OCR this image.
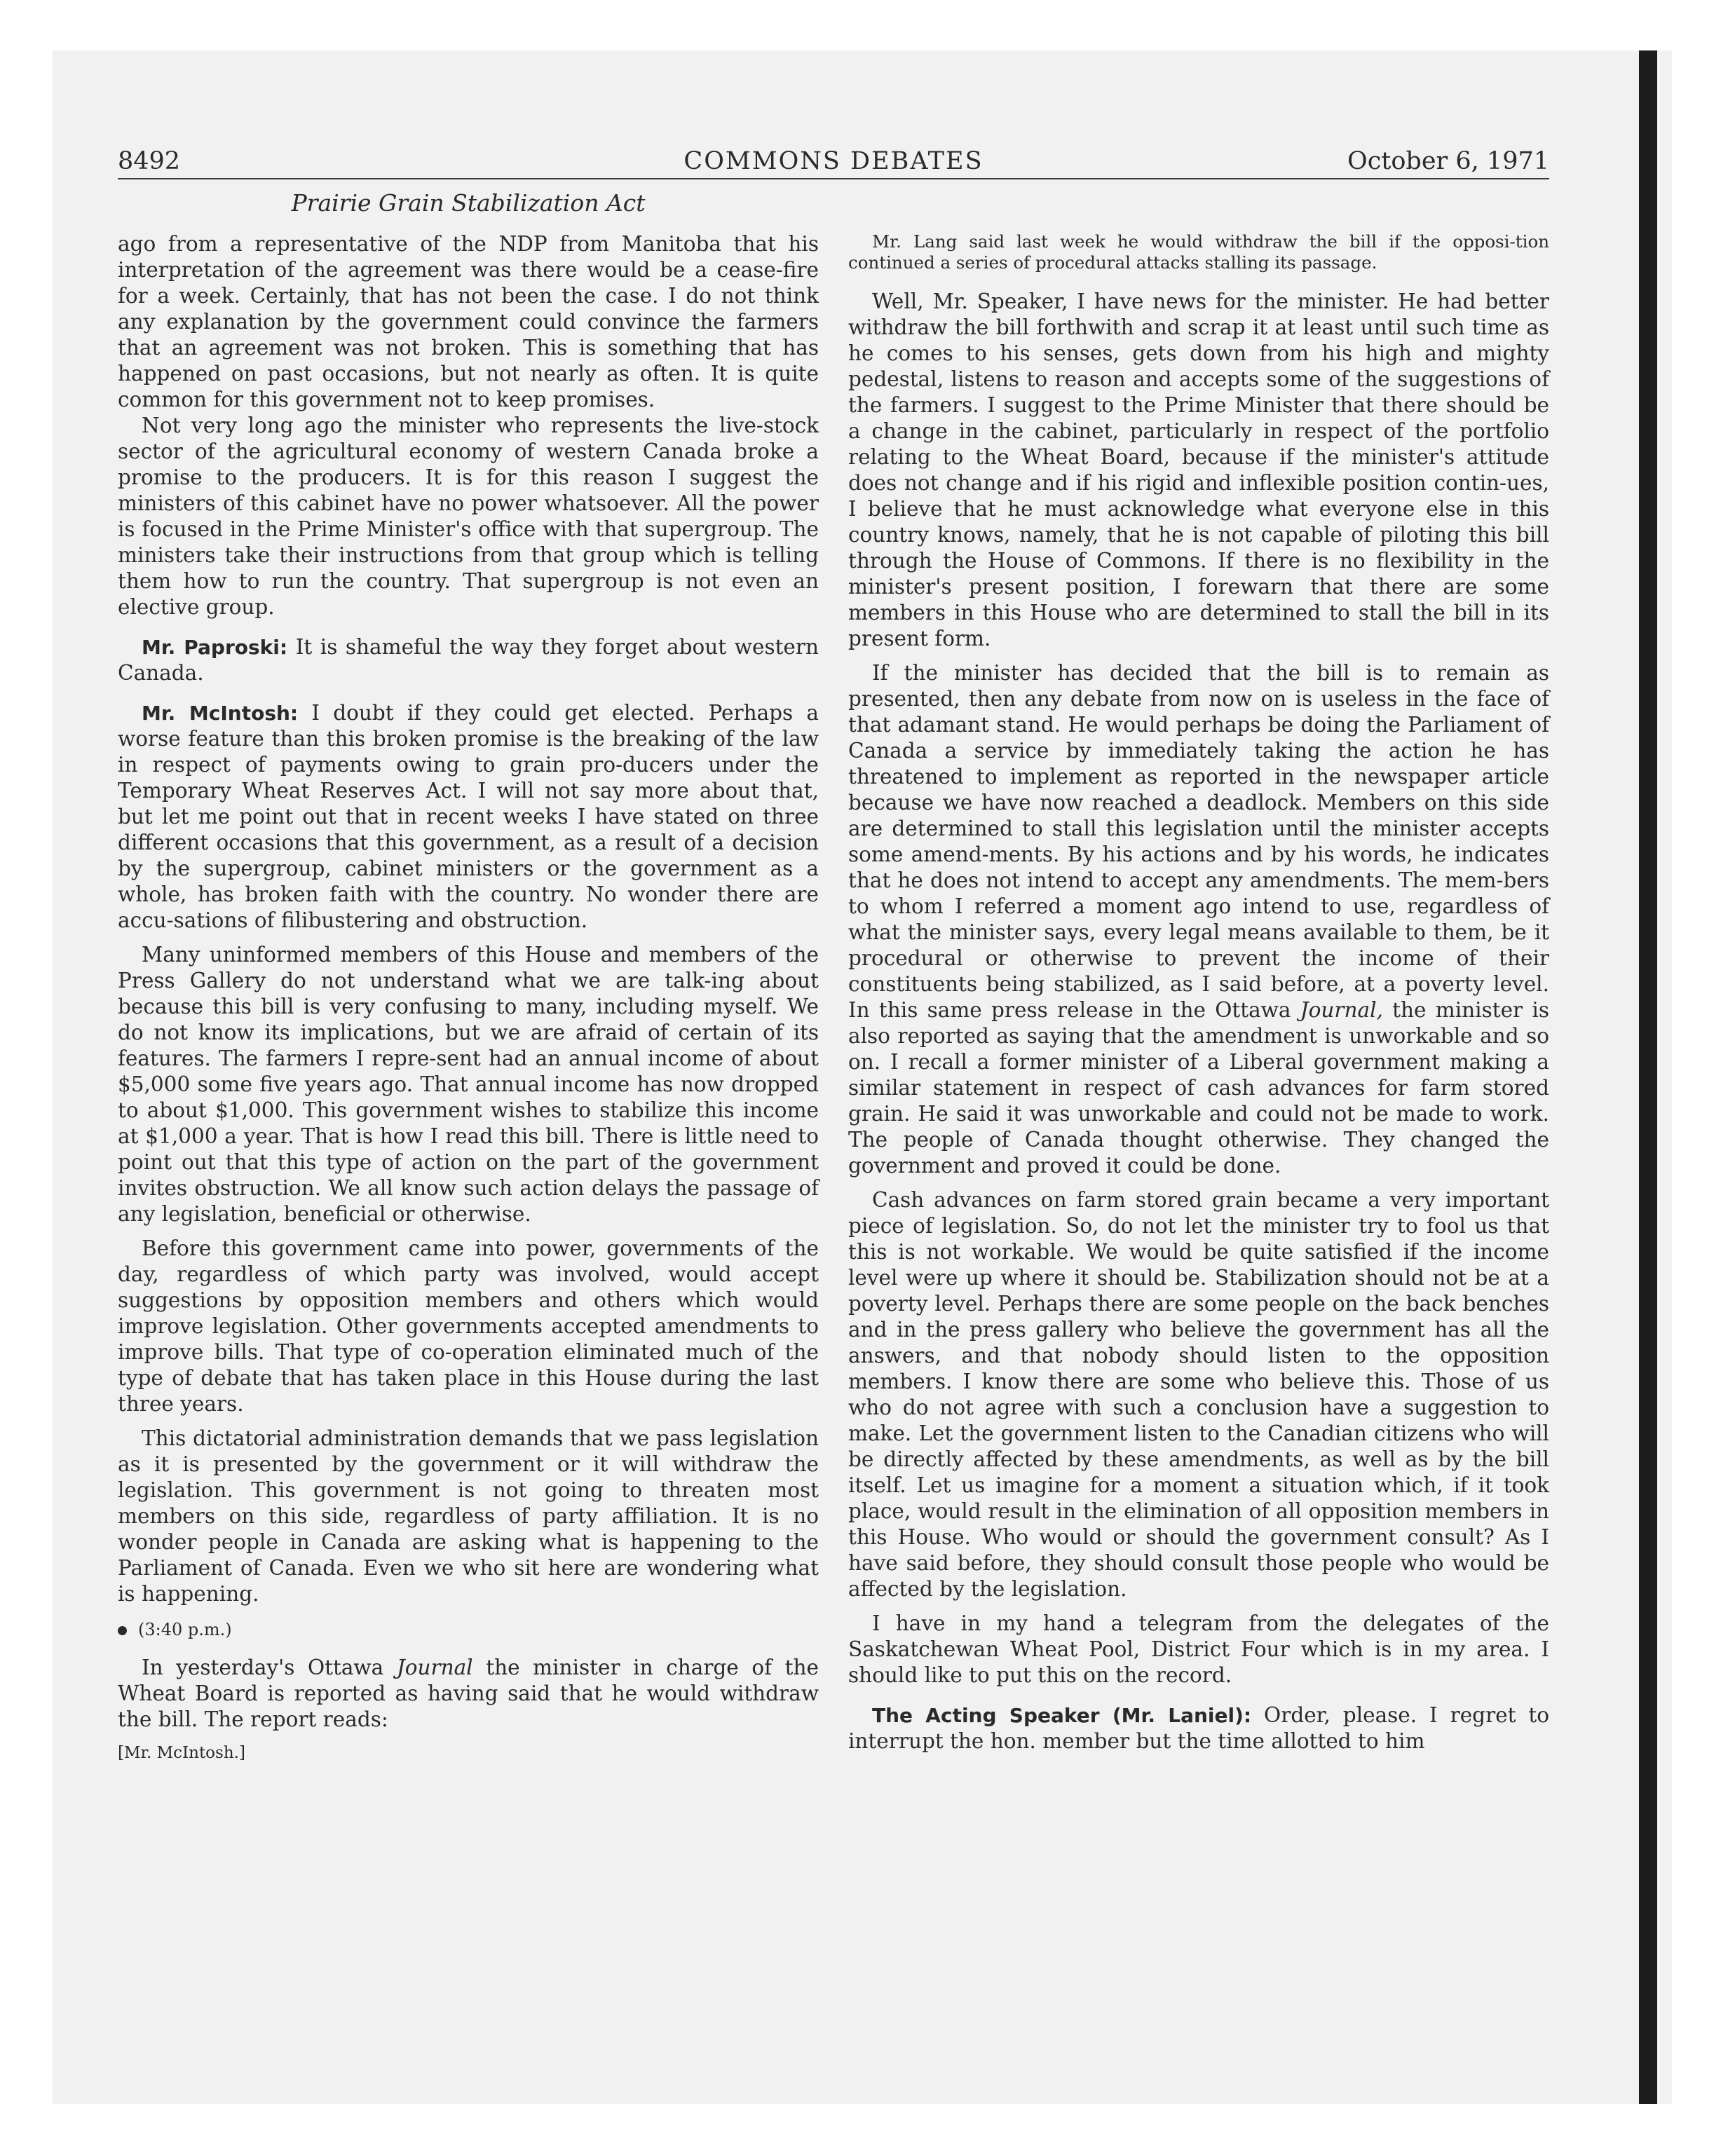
8492	COMMONS DEBATES	October 6, 1971
Prairie Grain Stabilization Act

ago from a representative of the NDP from Manitoba that his interpretation of the agreement was there would be a cease-fire for a week. Certainly, that has not been the case. I do not think any explanation by the government could convince the farmers that an agreement was not broken. This is something that has happened on past occasions, but not nearly as often. It is quite common for this government not to keep promises.

Not very long ago the minister who represents the live-stock sector of the agricultural economy of western Canada broke a promise to the producers. It is for this reason I suggest the ministers of this cabinet have no power whatsoever. All the power is focused in the Prime Minister's office with that supergroup. The ministers take their instructions from that group which is telling them how to run the country. That supergroup is not even an elective group.

Mr. Paproski: It is shameful the way they forget about western Canada.

Mr. McIntosh: I doubt if they could get elected. Perhaps a worse feature than this broken promise is the breaking of the law in respect of payments owing to grain pro-ducers under the Temporary Wheat Reserves Act. I will not say more about that, but let me point out that in recent weeks I have stated on three different occasions that this government, as a result of a decision by the supergroup, cabinet ministers or the government as a whole, has broken faith with the country. No wonder there are accu-sations of filibustering and obstruction.

Many uninformed members of this House and members of the Press Gallery do not understand what we are talk-ing about because this bill is very confusing to many, including myself. We do not know its implications, but we are afraid of certain of its features. The farmers I repre-sent had an annual income of about $5,000 some five years ago. That annual income has now dropped to about $1,000. This government wishes to stabilize this income at $1,000 a year. That is how I read this bill. There is little need to point out that this type of action on the part of the government invites obstruction. We all know such action delays the passage of any legislation, beneficial or otherwise.

Before this government came into power, governments of the day, regardless of which party was involved, would accept suggestions by opposition members and others which would improve legislation. Other governments accepted amendments to improve bills. That type of co-operation eliminated much of the type of debate that has taken place in this House during the last three years.

This dictatorial administration demands that we pass legislation as it is presented by the government or it will withdraw the legislation. This government is not going to threaten most members on this side, regardless of party affiliation. It is no wonder people in Canada are asking what is happening to the Parliament of Canada. Even we who sit here are wondering what is happening.

(3:40 p.m.)

In yesterday's Ottawa Journal the minister in charge of the Wheat Board is reported as having said that he would withdraw the bill. The report reads:

[Mr. McIntosh.]

Mr. Lang said last week he would withdraw the bill if the opposi-tion continued a series of procedural attacks stalling its passage.

Well, Mr. Speaker, I have news for the minister. He had better withdraw the bill forthwith and scrap it at least until such time as he comes to his senses, gets down from his high and mighty pedestal, listens to reason and accepts some of the suggestions of the farmers. I suggest to the Prime Minister that there should be a change in the cabinet, particularly in respect of the portfolio relating to the Wheat Board, because if the minister's attitude does not change and if his rigid and inflexible position contin-ues, I believe that he must acknowledge what everyone else in this country knows, namely, that he is not capable of piloting this bill through the House of Commons. If there is no flexibility in the minister's present position, I forewarn that there are some members in this House who are determined to stall the bill in its present form.

If the minister has decided that the bill is to remain as presented, then any debate from now on is useless in the face of that adamant stand. He would perhaps be doing the Parliament of Canada a service by immediately taking the action he has threatened to implement as reported in the newspaper article because we have now reached a deadlock. Members on this side are determined to stall this legislation until the minister accepts some amend-ments. By his actions and by his words, he indicates that he does not intend to accept any amendments. The mem-bers to whom I referred a moment ago intend to use, regardless of what the minister says, every legal means available to them, be it procedural or otherwise to prevent the income of their constituents being stabilized, as I said before, at a poverty level. In this same press release in the Ottawa Journal, the minister is also reported as saying that the amendment is unworkable and so on. I recall a former minister of a Liberal government making a similar statement in respect of cash advances for farm stored grain. He said it was unworkable and could not be made to work. The people of Canada thought otherwise. They changed the government and proved it could be done.

Cash advances on farm stored grain became a very important piece of legislation. So, do not let the minister try to fool us that this is not workable. We would be quite satisfied if the income level were up where it should be. Stabilization should not be at a poverty level. Perhaps there are some people on the back benches and in the press gallery who believe the government has all the answers, and that nobody should listen to the opposition members. I know there are some who believe this. Those of us who do not agree with such a conclusion have a suggestion to make. Let the government listen to the Canadian citizens who will be directly affected by these amendments, as well as by the bill itself. Let us imagine for a moment a situation which, if it took place, would result in the elimination of all opposition members in this House. Who would or should the government consult? As I have said before, they should consult those people who would be affected by the legislation.

I have in my hand a telegram from the delegates of the Saskatchewan Wheat Pool, District Four which is in my area. I should like to put this on the record.

The Acting Speaker (Mr. Laniel): Order, please. I regret to interrupt the hon. member but the time allotted to him
